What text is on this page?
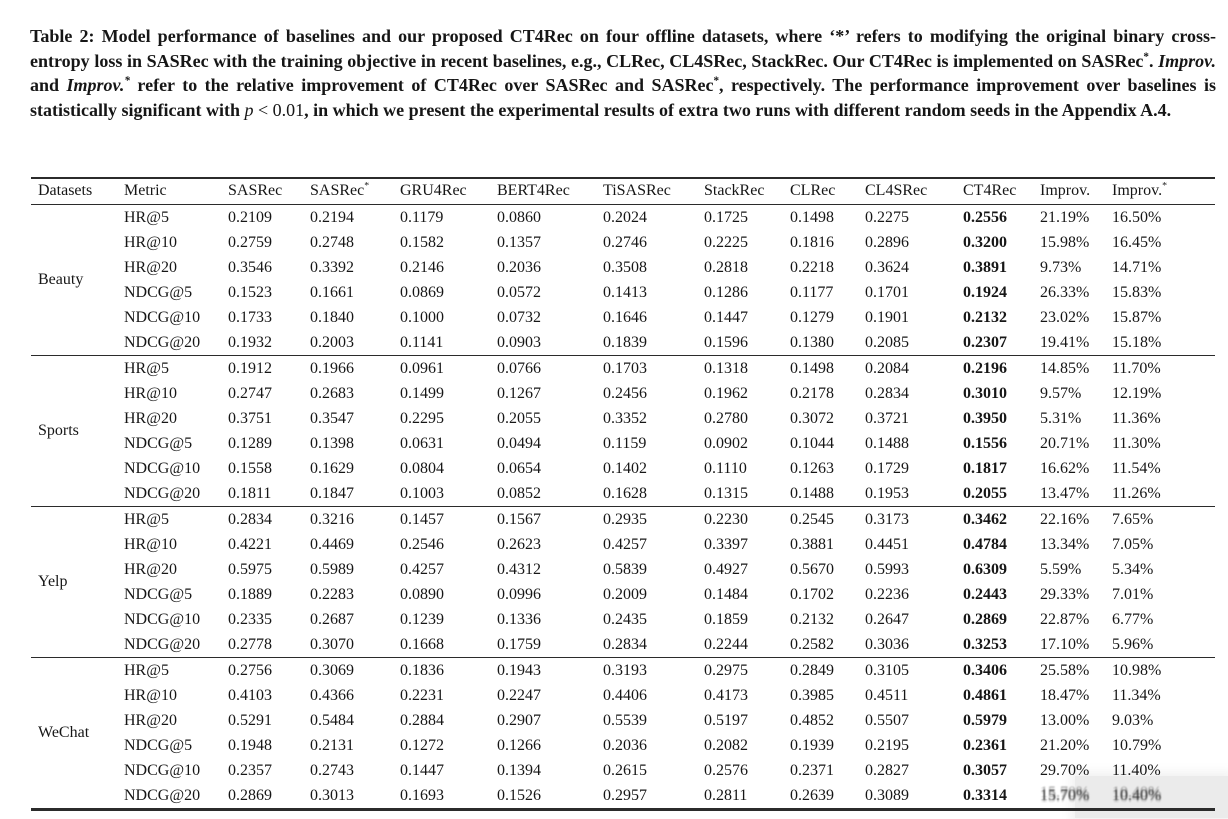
Table 2: Model performance of baselines and our proposed CT4Rec on four offline datasets, where ‘*’ refers to modifying the original binary cross-entropy loss in SASRec with the training objective in recent baselines, e.g., CLRec, CL4SRec, StackRec. Our CT4Rec is implemented on SASRec*. Improv. and Improv.* refer to the relative improvement of CT4Rec over SASRec and SASRec*, respectively. The performance improvement over baselines is statistically significant with p < 0.01, in which we present the experimental results of extra two runs with different random seeds in the Appendix A.4.

Datasets	Metric	SASRec	SASRec*	GRU4Rec	BERT4Rec	TiSASRec	StackRec	CLRec	CL4SRec	CT4Rec	Improv.	Improv.*
Beauty	HR@5	0.2109	0.2194	0.1179	0.0860	0.2024	0.1725	0.1498	0.2275	0.2556	21.19%	16.50%
	HR@10	0.2759	0.2748	0.1582	0.1357	0.2746	0.2225	0.1816	0.2896	0.3200	15.98%	16.45%
	HR@20	0.3546	0.3392	0.2146	0.2036	0.3508	0.2818	0.2218	0.3624	0.3891	9.73%	14.71%
	NDCG@5	0.1523	0.1661	0.0869	0.0572	0.1413	0.1286	0.1177	0.1701	0.1924	26.33%	15.83%
	NDCG@10	0.1733	0.1840	0.1000	0.0732	0.1646	0.1447	0.1279	0.1901	0.2132	23.02%	15.87%
	NDCG@20	0.1932	0.2003	0.1141	0.0903	0.1839	0.1596	0.1380	0.2085	0.2307	19.41%	15.18%
Sports	HR@5	0.1912	0.1966	0.0961	0.0766	0.1703	0.1318	0.1498	0.2084	0.2196	14.85%	11.70%
	HR@10	0.2747	0.2683	0.1499	0.1267	0.2456	0.1962	0.2178	0.2834	0.3010	9.57%	12.19%
	HR@20	0.3751	0.3547	0.2295	0.2055	0.3352	0.2780	0.3072	0.3721	0.3950	5.31%	11.36%
	NDCG@5	0.1289	0.1398	0.0631	0.0494	0.1159	0.0902	0.1044	0.1488	0.1556	20.71%	11.30%
	NDCG@10	0.1558	0.1629	0.0804	0.0654	0.1402	0.1110	0.1263	0.1729	0.1817	16.62%	11.54%
	NDCG@20	0.1811	0.1847	0.1003	0.0852	0.1628	0.1315	0.1488	0.1953	0.2055	13.47%	11.26%
Yelp	HR@5	0.2834	0.3216	0.1457	0.1567	0.2935	0.2230	0.2545	0.3173	0.3462	22.16%	7.65%
	HR@10	0.4221	0.4469	0.2546	0.2623	0.4257	0.3397	0.3881	0.4451	0.4784	13.34%	7.05%
	HR@20	0.5975	0.5989	0.4257	0.4312	0.5839	0.4927	0.5670	0.5993	0.6309	5.59%	5.34%
	NDCG@5	0.1889	0.2283	0.0890	0.0996	0.2009	0.1484	0.1702	0.2236	0.2443	29.33%	7.01%
	NDCG@10	0.2335	0.2687	0.1239	0.1336	0.2435	0.1859	0.2132	0.2647	0.2869	22.87%	6.77%
	NDCG@20	0.2778	0.3070	0.1668	0.1759	0.2834	0.2244	0.2582	0.3036	0.3253	17.10%	5.96%
WeChat	HR@5	0.2756	0.3069	0.1836	0.1943	0.3193	0.2975	0.2849	0.3105	0.3406	25.58%	10.98%
	HR@10	0.4103	0.4366	0.2231	0.2247	0.4406	0.4173	0.3985	0.4511	0.4861	18.47%	11.34%
	HR@20	0.5291	0.5484	0.2884	0.2907	0.5539	0.5197	0.4852	0.5507	0.5979	13.00%	9.03%
	NDCG@5	0.1948	0.2131	0.1272	0.1266	0.2036	0.2082	0.1939	0.2195	0.2361	21.20%	10.79%
	NDCG@10	0.2357	0.2743	0.1447	0.1394	0.2615	0.2576	0.2371	0.2827	0.3057	29.70%	11.40%
	NDCG@20	0.2869	0.3013	0.1693	0.1526	0.2957	0.2811	0.2639	0.3089	0.3314	15.70%	10.40%
